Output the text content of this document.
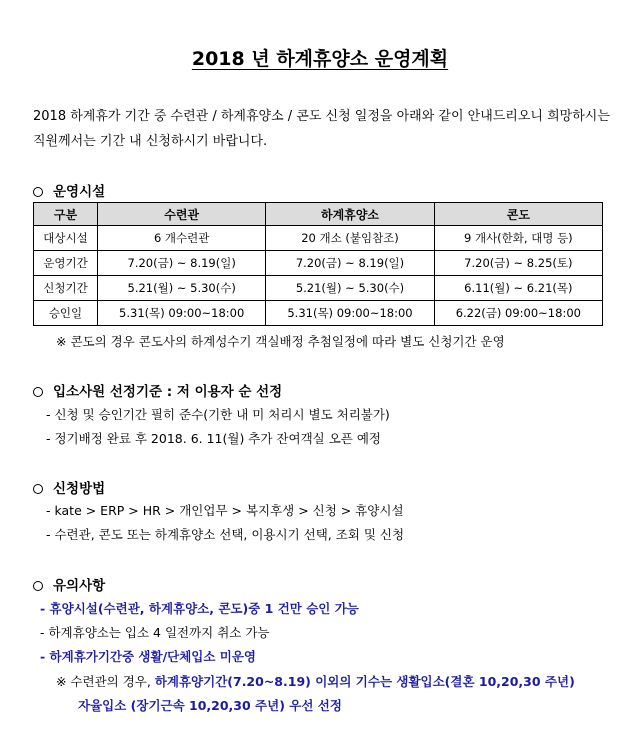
2018 년 하계휴양소 운영계획
2018 하계휴가 기간 중 수련관 / 하계휴양소 / 콘도 신청 일정을 아래와 같이 안내드리오니 희망하시는 직원께서는 기간 내 신청하시기 바랍니다.
운영시설
구분	수련관	하계휴양소	콘도
대상시설	6 개수련관	20 개소 (붙임참조)	9 개사(한화, 대명 등)
운영기간	7.20(금) ~ 8.19(일)	7.20(금) ~ 8.19(일)	7.20(금) ~ 8.25(토)
신청기간	5.21(월) ~ 5.30(수)	5.21(월) ~ 5.30(수)	6.11(월) ~ 6.21(목)
승인일	5.31(목) 09:00~18:00	5.31(목) 09:00~18:00	6.22(금) 09:00~18:00
※ 콘도의 경우 콘도사의 하계성수기 객실배정 추첨일정에 따라 별도 신청기간 운영
입소사원 선정기준 : 저 이용자 순 선정
- 신청 및 승인기간 필히 준수(기한 내 미 처리시 별도 처리불가)
- 정기배정 완료 후 2018. 6. 11(월) 추가 잔여객실 오픈 예정
신청방법
- kate > ERP > HR > 개인업무 > 복지후생 > 신청 > 휴양시설
- 수련관, 콘도 또는 하계휴양소 선택, 이용시기 선택, 조회 및 신청
유의사항
- 휴양시설(수련관, 하계휴양소, 콘도)중 1 건만 승인 가능
- 하계휴양소는 입소 4 일전까지 취소 가능
- 하계휴가기간중 생활/단체입소 미운영
※ 수련관의 경우, 하계휴양기간(7.20~8.19) 이외의 기수는 생활입소(결혼 10,20,30 주년)
자율입소 (장기근속 10,20,30 주년) 우선 선정
